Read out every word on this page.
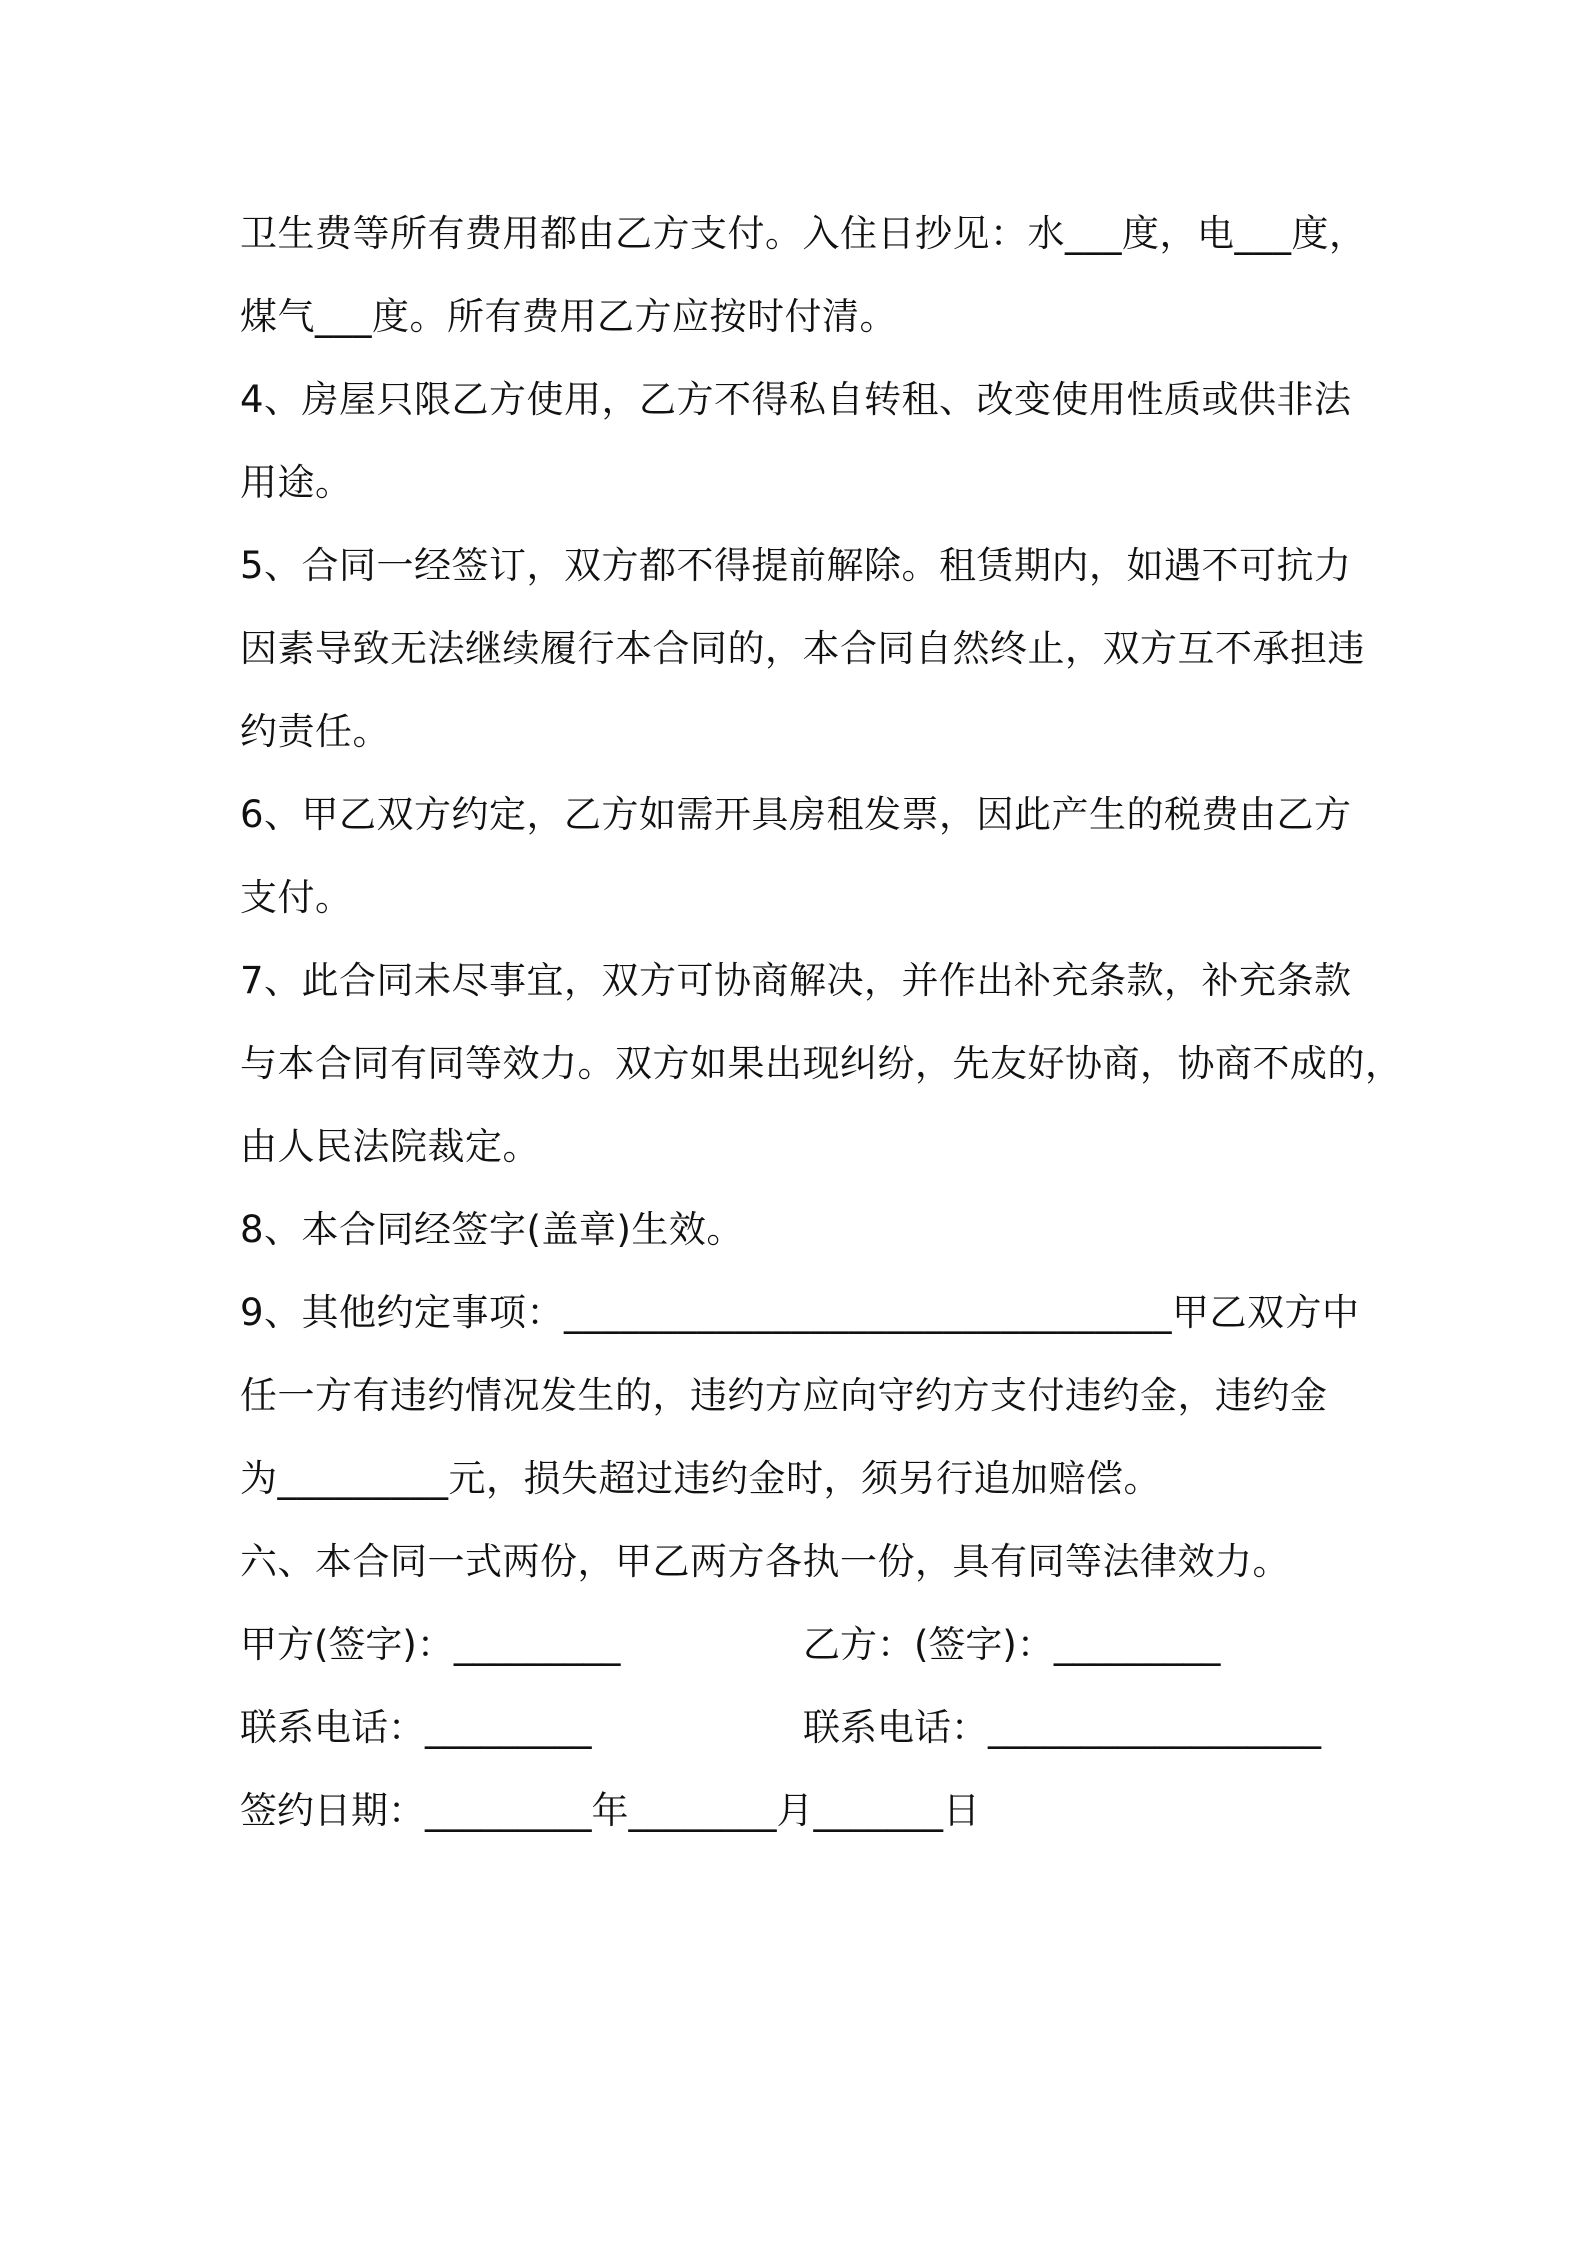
卫生费等所有费用都由乙方支付。入住日抄见：水___度，电___度，
煤气___度。所有费用乙方应按时付清。
4、房屋只限乙方使用，乙方不得私自转租、改变使用性质或供非法
用途。
5、合同一经签订，双方都不得提前解除。租赁期内，如遇不可抗力
因素导致无法继续履行本合同的，本合同自然终止，双方互不承担违
约责任。
6、甲乙双方约定，乙方如需开具房租发票，因此产生的税费由乙方
支付。
7、此合同未尽事宜，双方可协商解决，并作出补充条款，补充条款
与本合同有同等效力。双方如果出现纠纷，先友好协商，协商不成的，
由人民法院裁定。
8、本合同经签字(盖章)生效。
9、其他约定事项：________________________________甲乙双方中
任一方有违约情况发生的，违约方应向守约方支付违约金，违约金
为_________元，损失超过违约金时，须另行追加赔偿。
六、本合同一式两份，甲乙两方各执一份，具有同等法律效力。
甲方(签字)：_________	乙方：(签字)：_________
联系电话：_________	联系电话：__________________
签约日期：_________年________月_______日
